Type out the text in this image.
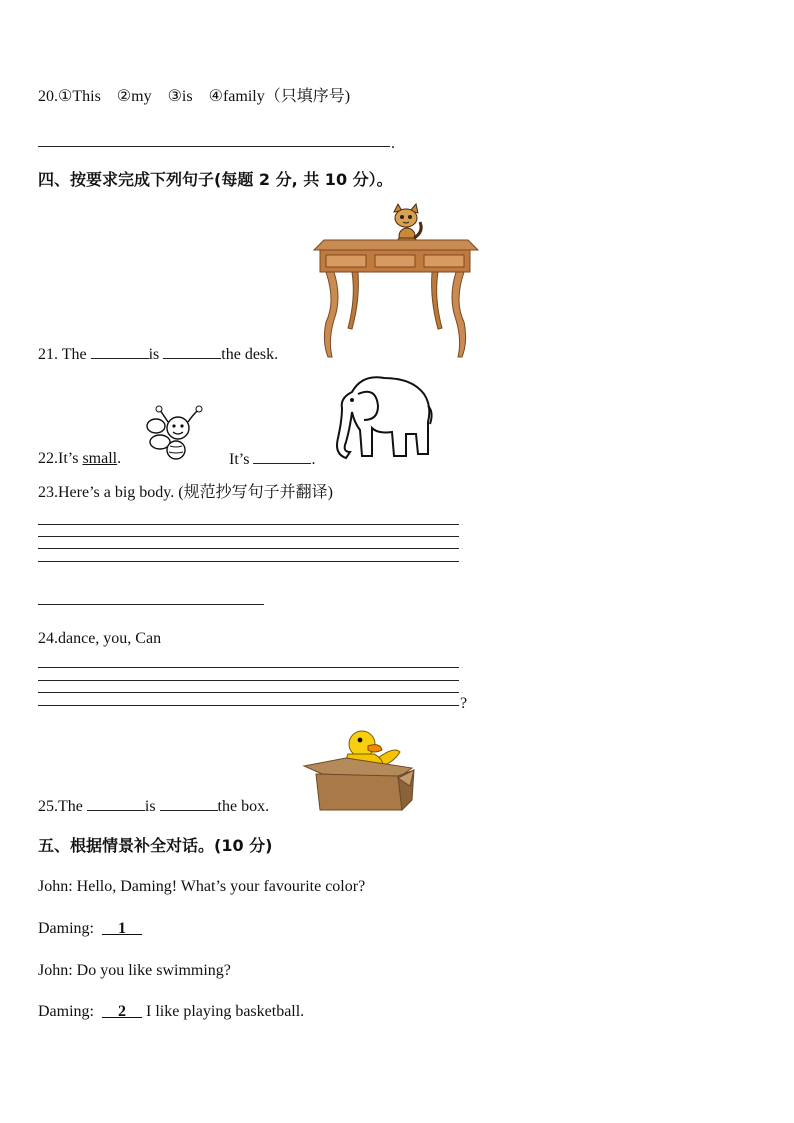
20.①This　②my　③is　④family（只填序号)
.
四、按要求完成下列句子(每题 2 分, 共 10 分）。
21. The	is	the desk.
22.It’s small.	It’s	.
23.Here’s a big body. (规范抄写句子并翻译)
24.dance, you, Can
?
25.The	is	the box.
五、根据情景补全对话。(10 分)
John: Hello, Daming! What’s your favourite color?
Daming: 1
John: Do you like swimming?
Daming: 2 I like playing basketball.
